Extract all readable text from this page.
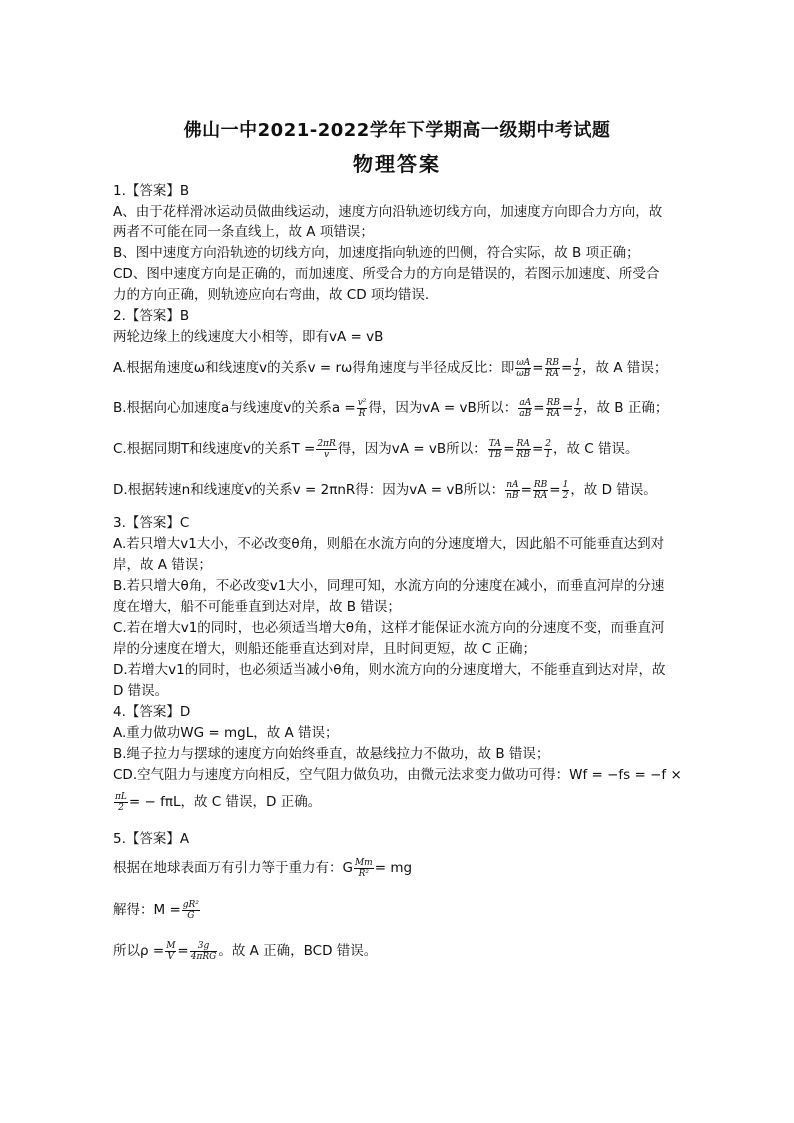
佛山一中2021-2022学年下学期高一级期中考试题
物理答案
1.【答案】B
A、由于花样滑冰运动员做曲线运动，速度方向沿轨迹切线方向，加速度方向即合力方向，故
两者不可能在同一条直线上，故 A 项错误；
B、图中速度方向沿轨迹的切线方向，加速度指向轨迹的凹侧，符合实际，故 B 项正确；
CD、图中速度方向是正确的，而加速度、所受合力的方向是错误的，若图示加速度、所受合
力的方向正确，则轨迹应向右弯曲，故 CD 项均错误.
2.【答案】B
两轮边缘上的线速度大小相等，即有vA = vB
A.根据角速度ω和线速度v的关系v = rω得角速度与半径成反比：即 $\frac{\omega A}{\omega B} = \frac{RB}{RA} = \frac{1}{2}$ ，故 A 错误；
B.根据向心加速度a与线速度v的关系$a = \frac{\text{v²}}{R}$ 得，因为vA = vB所以： $\frac{aA}{aB} = \frac{RB}{RA} = \frac{1}{2}$ ，故 B 正确；
C.根据同期T和线速度v的关系$T = \frac{2\pi R}{v}$ 得，因为vA = vB所以： $\frac{TA}{TB} = \frac{RA}{RB} = \frac{2}{1}$ ，故 C 错误。
D.根据转速n和线速度v的关系v = 2πnR得：因为vA = vB所以： $\frac{nA}{nB} = \frac{RB}{RA} = \frac{1}{2}$ ，故 D 错误。
3.【答案】C
A.若只增大v1大小，不必改变θ角，则船在水流方向的分速度增大，因此船不可能垂直达到对
岸，故 A 错误；
B.若只增大θ角，不必改变v1大小，同理可知，水流方向的分速度在减小，而垂直河岸的分速
度在增大，船不可能垂直到达对岸，故 B 错误；
C.若在增大v1的同时，也必须适当增大θ角，这样才能保证水流方向的分速度不变，而垂直河
岸的分速度在增大，则船还能垂直达到对岸，且时间更短，故 C 正确；
D.若增大v1的同时，也必须适当减小θ角，则水流方向的分速度增大，不能垂直到达对岸，故
D 错误。
4.【答案】D
A.重力做功WG = mgL，故 A 错误；
B.绳子拉力与摆球的速度方向始终垂直，故悬线拉力不做功，故 B 错误；
CD.空气阻力与速度方向相反，空气阻力做负功，由微元法求变力做功可得：Wf = −fs = −f ×
$\frac{\pi L}{2}$ = − fπL，故 C 错误，D 正确。
5.【答案】A
根据在地球表面万有引力等于重力有：G $\frac{Mm}{\text{R²}}$ = mg
解得：$M = \frac{\text{gR²}}{G}$
所以$\rho = \frac{M}{V} = \frac{3g}{\text{4πRG}}$ 。故 A 正确，BCD 错误。
